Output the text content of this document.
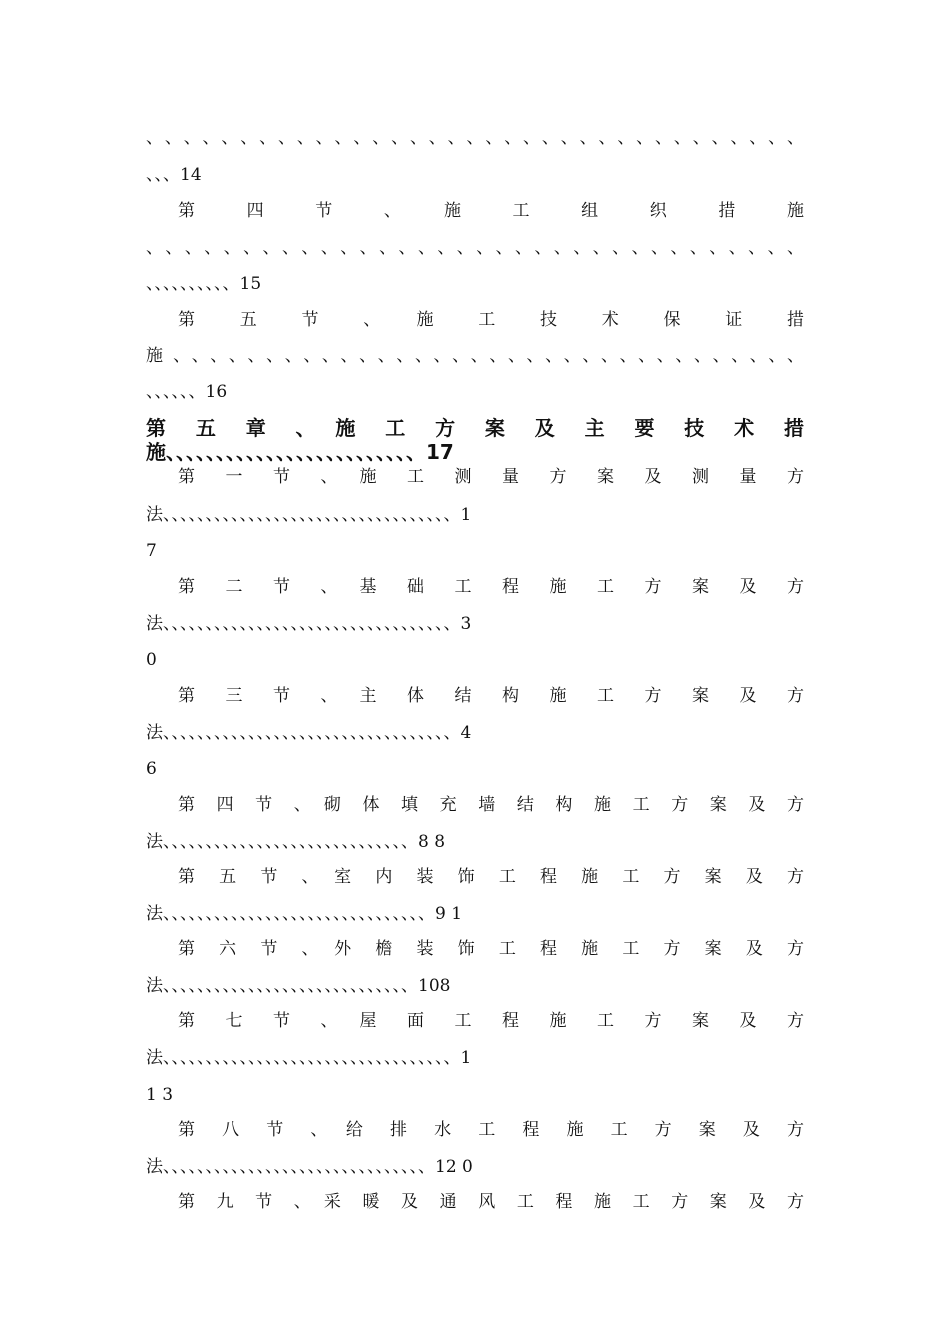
、、、、、、、、、、、、、、、、、、、、、、、、、、、、、、、、、、、
、、、14
第　四　节　、　施　工　组　织　措　施
、、、、、、、、、、、、、、、、、、、、、、、、、、、、、、、、、、
、、、、、、、、、、15
第　五　节　、　施　工　技　术　保　证　措
施、、、、、、、、、、、、、、、、、、、、、、、、、、、、、、、、、、
、、、、、、16
第　五　章　、　施　工　方　案　及　主　要　技　术　措
施、、、、、、、、、、、、、、、、、、、、、、、、、17
第　一　节　、　施　工　测　量　方　案　及　测　量　方
法、、、、、、、、、、、、、、、、、、、、、、、、、、、、、、、、、、1
7
第　二　节　、　基　础　工　程　施　工　方　案　及　方
法、、、、、、、、、、、、、、、、、、、、、、、、、、、、、、、、、、3
0
第　三　节　、　主　体　结　构　施　工　方　案　及　方
法、、、、、、、、、、、、、、、、、、、、、、、、、、、、、、、、、、4
6
第　四　节　、　砌　体　填　充　墙　结　构　施　工　方　案　及　方
法、、、、、、、、、、、、、、、、、、、、、、、、、、、、、8 8
第　五　节　、　室　内　装　饰　工　程　施　工　方　案　及　方
法、、、、、、、、、、、、、、、、、、、、、、、、、、、、、、、9 1
第　六　节　、　外　檐　装　饰　工　程　施　工　方　案　及　方
法、、、、、、、、、、、、、、、、、、、、、、、、、、、、、108
第　七　节　、　屋　面　工　程　施　工　方　案　及　方
法、、、、、、、、、、、、、、、、、、、、、、、、、、、、、、、、、、1
1 3
第　八　节　、　给　排　水　工　程　施　工　方　案　及　方
法、、、、、、、、、、、、、、、、、、、、、、、、、、、、、、、12 0
第　九　节　、　采　暖　及　通　风　工　程　施　工　方　案　及　方
